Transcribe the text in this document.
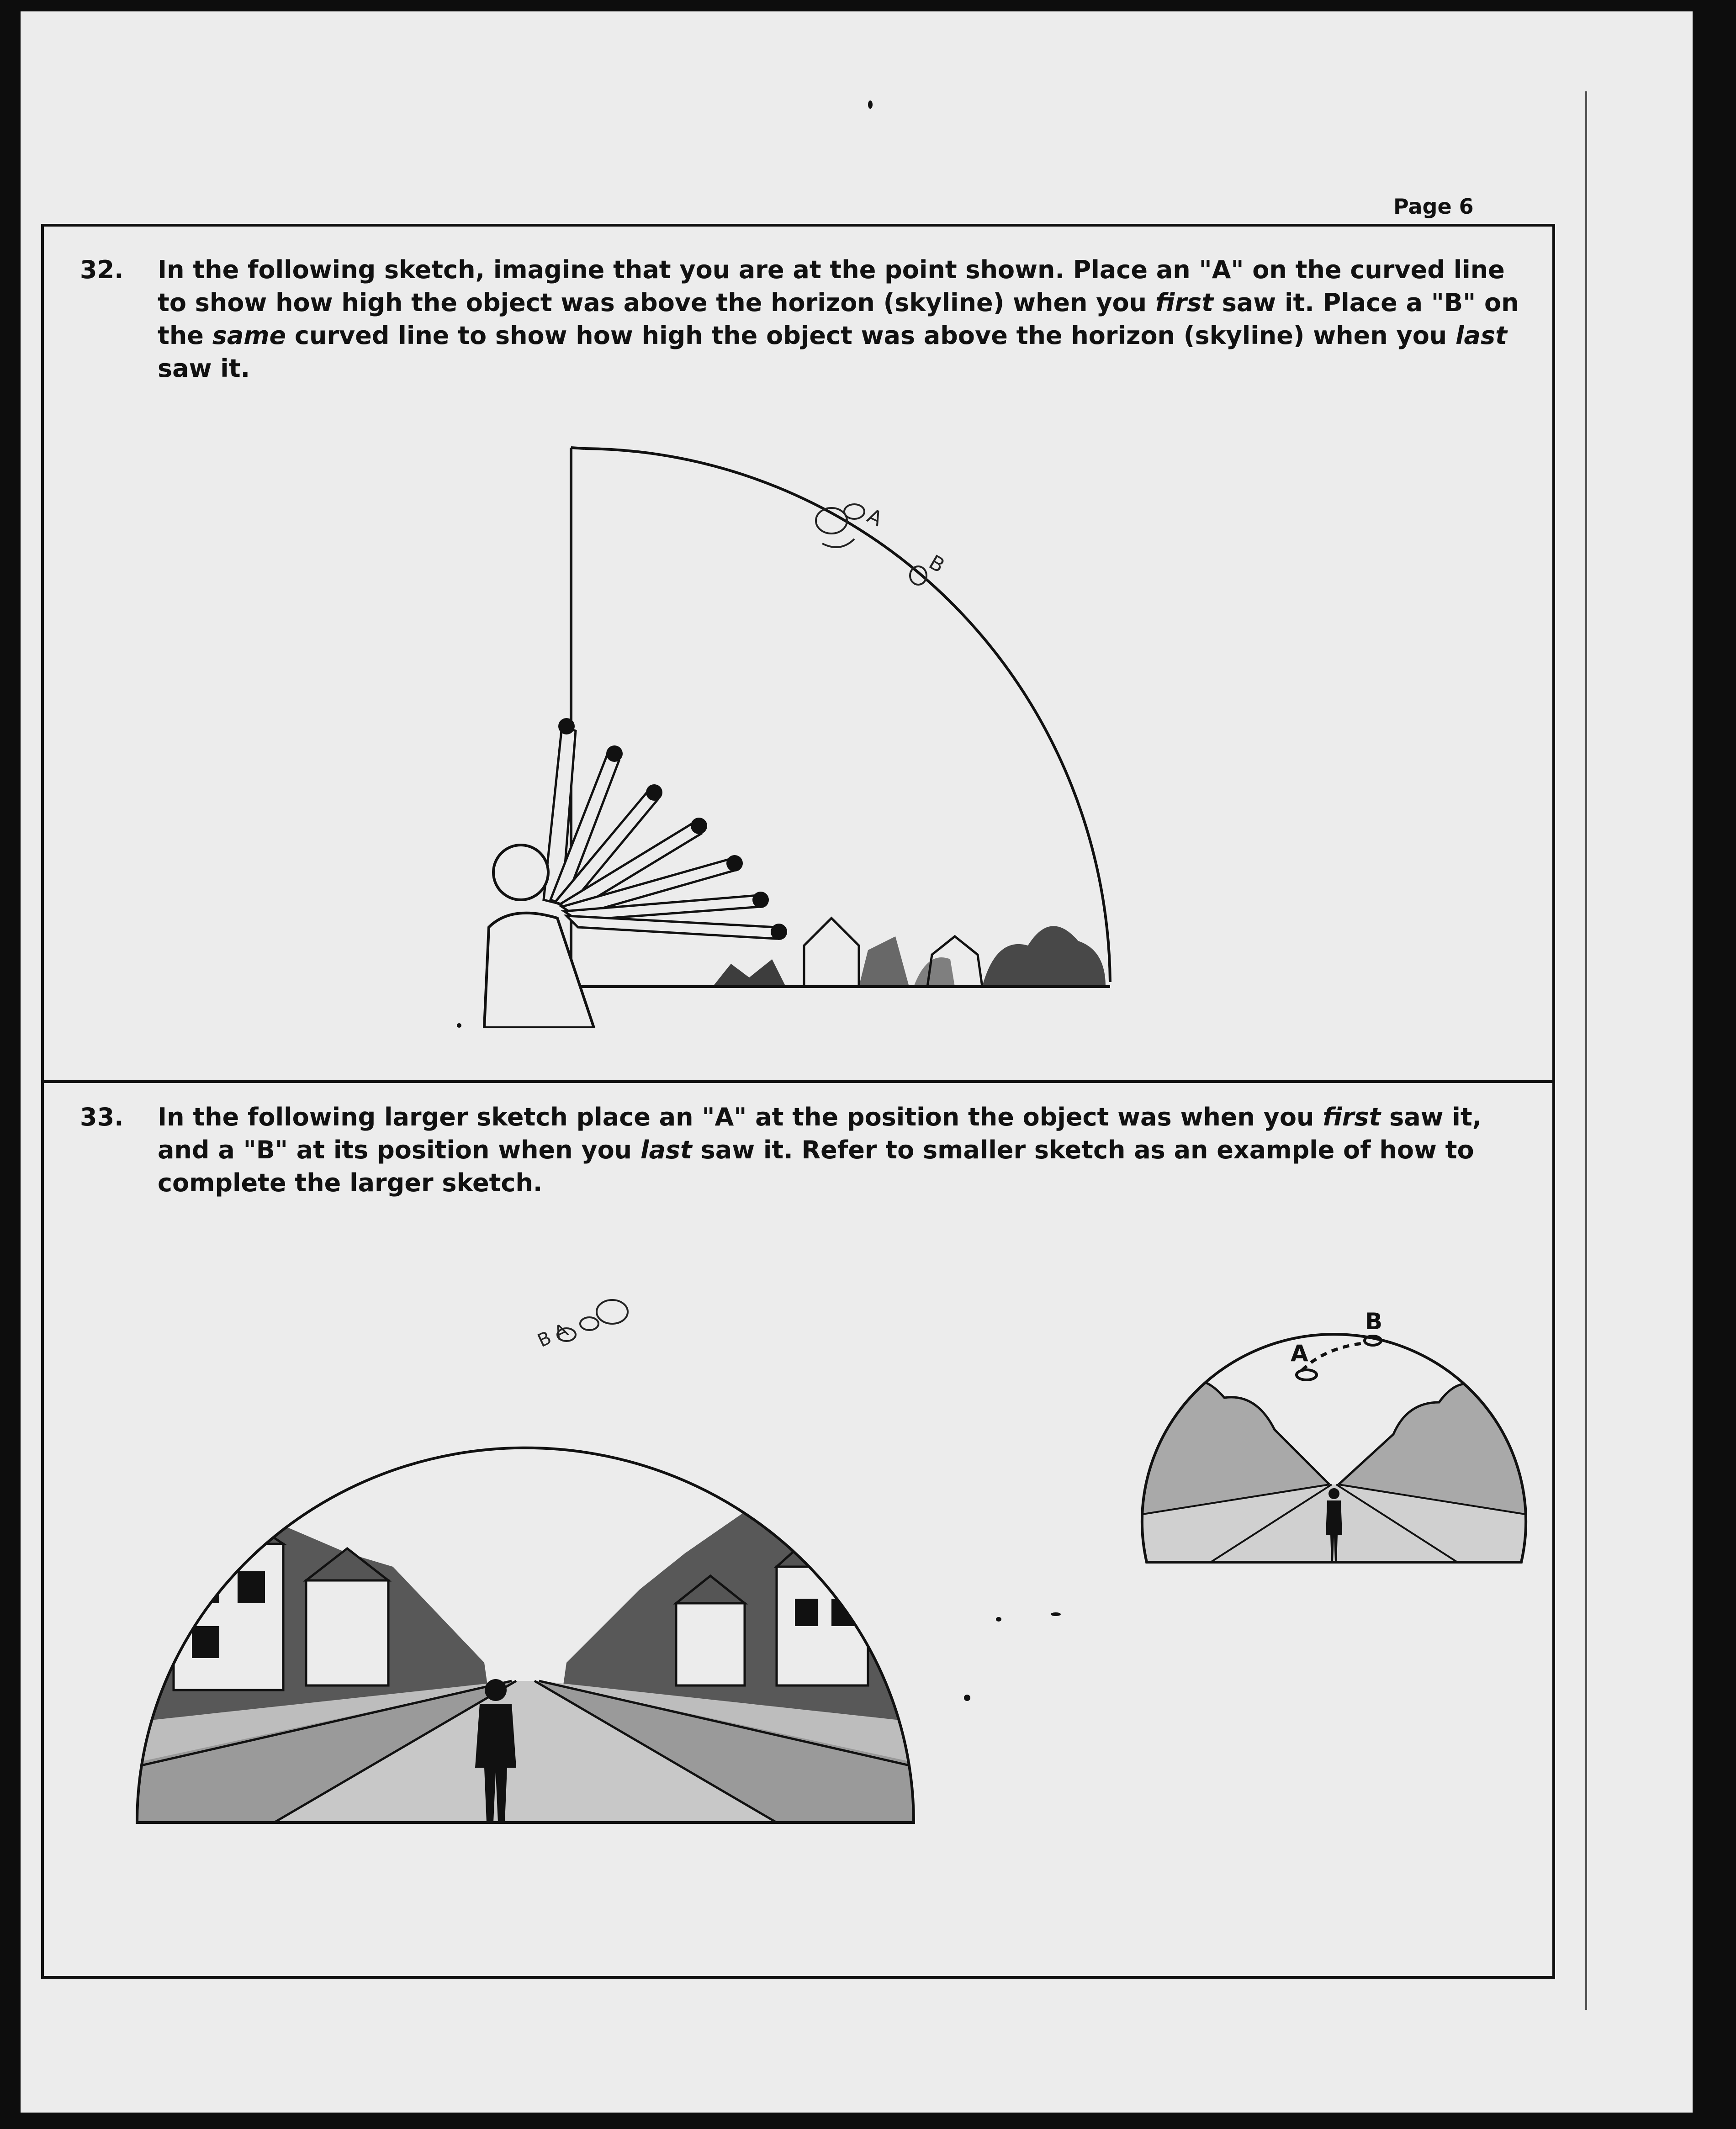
Page 6
32. In the following sketch, imagine that you are at the point shown. Place an "A" on the curved line to show how high the object was above the horizon (skyline) when you first saw it. Place a "B" on the same curved line to show how high the object was above the horizon (skyline) when you last saw it.
A
B
33. In the following larger sketch place an "A" at the position the object was when you first saw it, and a "B" at its position when you last saw it. Refer to smaller sketch as an example of how to complete the larger sketch.
B A
A
B
